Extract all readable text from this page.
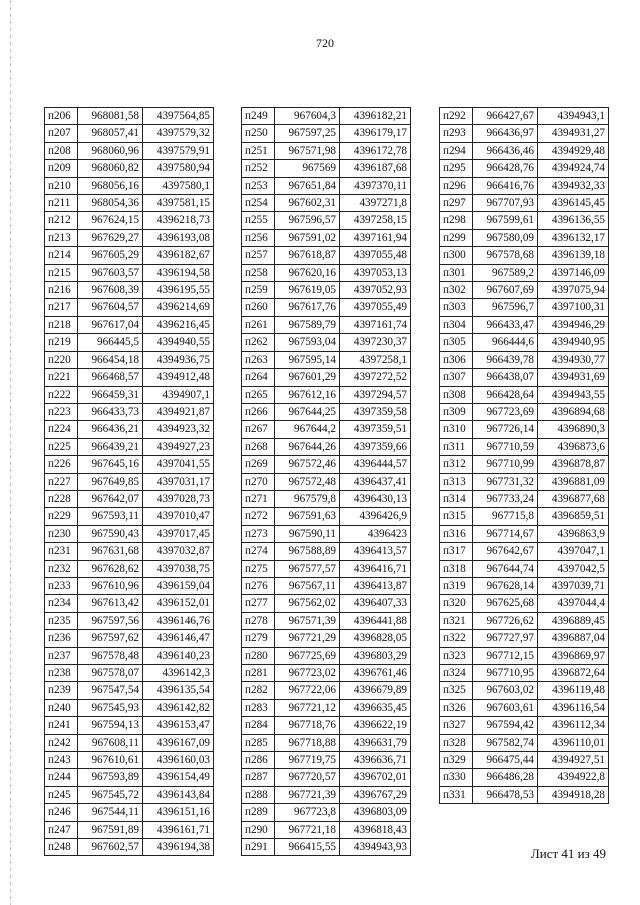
720
п206	968081,58	4397564,85
п207	968057,41	4397579,32
п208	968060,96	4397579,91
п209	968060,82	4397580,94
п210	968056,16	4397580,1
п211	968054,36	4397581,15
п212	967624,15	4396218,73
п213	967629,27	4396193,08
п214	967605,29	4396182,67
п215	967603,57	4396194,58
п216	967608,39	4396195,55
п217	967604,57	4396214,69
п218	967617,04	4396216,45
п219	966445,5	4394940,55
п220	966454,18	4394936,75
п221	966468,57	4394912,48
п222	966459,31	4394907,1
п223	966433,73	4394921,87
п224	966436,21	4394923,32
п225	966439,21	4394927,23
п226	967645,16	4397041,55
п227	967649,85	4397031,17
п228	967642,07	4397028,73
п229	967593,11	4397010,47
п230	967590,43	4397017,45
п231	967631,68	4397032,87
п232	967628,62	4397038,75
п233	967610,96	4396159,04
п234	967613,42	4396152,01
п235	967597,56	4396146,76
п236	967597,62	4396146,47
п237	967578,48	4396140,23
п238	967578,07	4396142,3
п239	967547,54	4396135,54
п240	967545,93	4396142,82
п241	967594,13	4396153,47
п242	967608,11	4396167,09
п243	967610,61	4396160,03
п244	967593,89	4396154,49
п245	967545,72	4396143,84
п246	967544,11	4396151,16
п247	967591,89	4396161,71
п248	967602,57	4396194,38
п249	967604,3	4396182,21
п250	967597,25	4396179,17
п251	967571,98	4396172,78
п252	967569	4396187,68
п253	967651,84	4397370,11
п254	967602,31	4397271,8
п255	967596,57	4397258,15
п256	967591,02	4397161,94
п257	967618,87	4397055,48
п258	967620,16	4397053,13
п259	967619,05	4397052,93
п260	967617,76	4397055,49
п261	967589,79	4397161,74
п262	967593,04	4397230,37
п263	967595,14	4397258,1
п264	967601,29	4397272,52
п265	967612,16	4397294,57
п266	967644,25	4397359,58
п267	967644,2	4397359,51
п268	967644,26	4397359,66
п269	967572,46	4396444,57
п270	967572,48	4396437,41
п271	967579,8	4396430,13
п272	967591,63	4396426,9
п273	967590,11	4396423
п274	967588,89	4396413,57
п275	967577,57	4396416,71
п276	967567,11	4396413,87
п277	967562,02	4396407,33
п278	967571,39	4396441,88
п279	967721,29	4396828,05
п280	967725,69	4396803,29
п281	967723,02	4396761,46
п282	967722,06	4396679,89
п283	967721,12	4396635,45
п284	967718,76	4396622,19
п285	967718,88	4396631,79
п286	967719,75	4396636,71
п287	967720,57	4396702,01
п288	967721,39	4396767,29
п289	967723,8	4396803,09
п290	967721,18	4396818,43
п291	966415,55	4394943,93
п292	966427,67	4394943,1
п293	966436,97	4394931,27
п294	966436,46	4394929,48
п295	966428,76	4394924,74
п296	966416,76	4394932,33
п297	967707,93	4396145,45
п298	967599,61	4396136,55
п299	967580,09	4396132,17
п300	967578,68	4396139,18
п301	967589,2	4397146,09
п302	967607,69	4397075,94
п303	967596,7	4397100,31
п304	966433,47	4394946,29
п305	966444,6	4394940,95
п306	966439,78	4394930,77
п307	966438,07	4394931,69
п308	966428,64	4394943,55
п309	967723,69	4396894,68
п310	967726,14	4396890,3
п311	967710,59	4396873,6
п312	967710,99	4396878,87
п313	967731,32	4396881,09
п314	967733,24	4396877,68
п315	967715,8	4396859,51
п316	967714,67	4396863,9
п317	967642,67	4397047,1
п318	967644,74	4397042,5
п319	967628,14	4397039,71
п320	967625,68	4397044,4
п321	967726,62	4396889,45
п322	967727,97	4396887,04
п323	967712,15	4396869,97
п324	967710,95	4396872,64
п325	967603,02	4396119,48
п326	967603,61	4396116,54
п327	967594,42	4396112,34
п328	967582,74	4396110,01
п329	966475,44	4394927,51
п330	966486,28	4394922,8
п331	966478,53	4394918,28
Лист 41 из 49
